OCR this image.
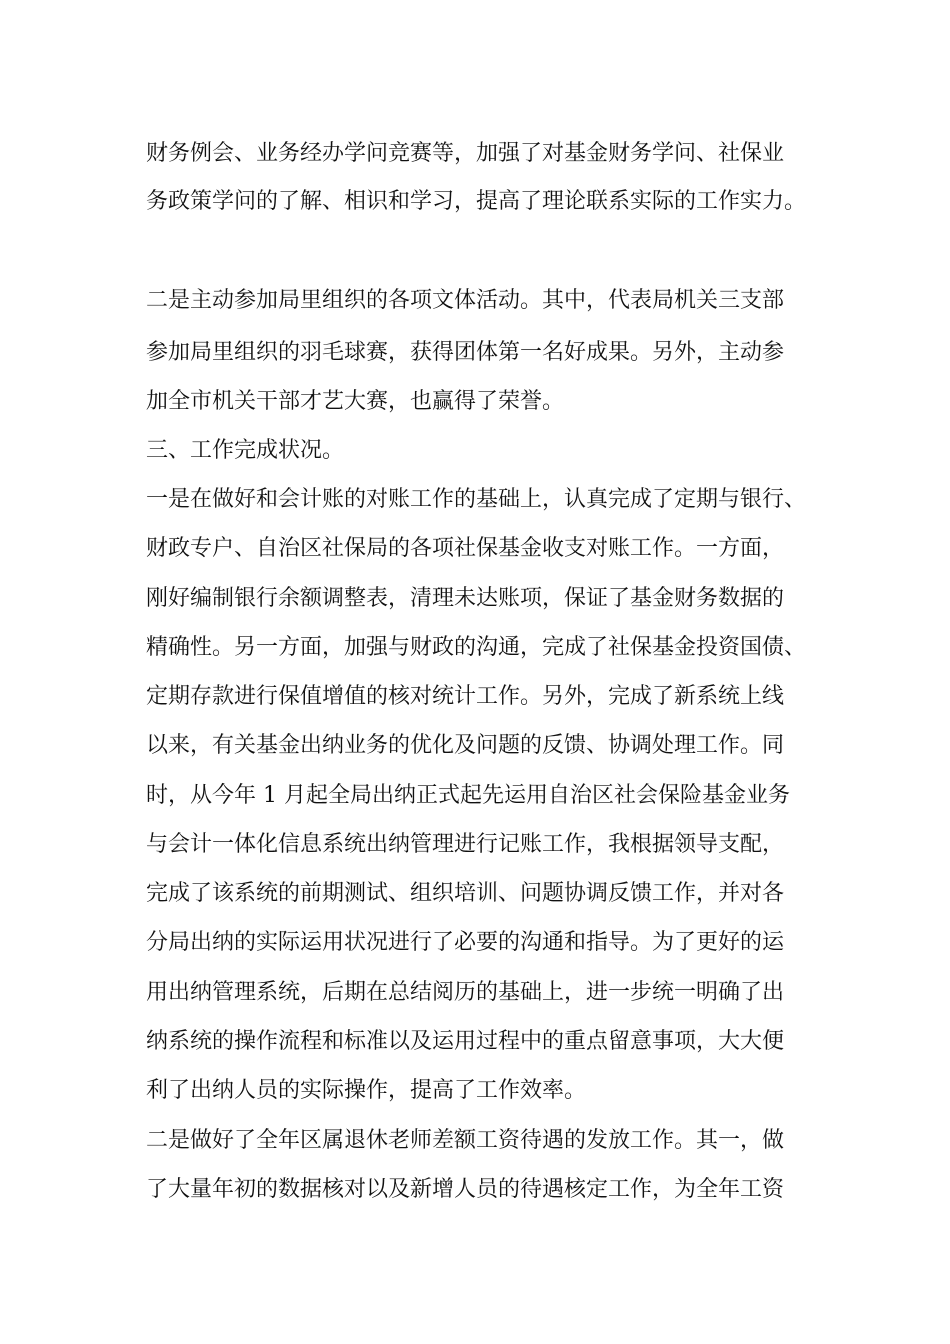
财务例会、业务经办学问竞赛等，加强了对基金财务学问、社保业
务政策学问的了解、相识和学习，提高了理论联系实际的工作实力。
二是主动参加局里组织的各项文体活动。其中，代表局机关三支部
参加局里组织的羽毛球赛，获得团体第一名好成果。另外，主动参
加全市机关干部才艺大赛，也赢得了荣誉。
三、工作完成状况。
一是在做好和会计账的对账工作的基础上，认真完成了定期与银行、
财政专户、自治区社保局的各项社保基金收支对账工作。一方面，
刚好编制银行余额调整表，清理未达账项，保证了基金财务数据的
精确性。另一方面，加强与财政的沟通，完成了社保基金投资国债、
定期存款进行保值增值的核对统计工作。另外，完成了新系统上线
以来，有关基金出纳业务的优化及问题的反馈、协调处理工作。同
时，从今年 1 月起全局出纳正式起先运用自治区社会保险基金业务
与会计一体化信息系统出纳管理进行记账工作，我根据领导支配，
完成了该系统的前期测试、组织培训、问题协调反馈工作，并对各
分局出纳的实际运用状况进行了必要的沟通和指导。为了更好的运
用出纳管理系统，后期在总结阅历的基础上，进一步统一明确了出
纳系统的操作流程和标准以及运用过程中的重点留意事项，大大便
利了出纳人员的实际操作，提高了工作效率。
二是做好了全年区属退休老师差额工资待遇的发放工作。其一，做
了大量年初的数据核对以及新增人员的待遇核定工作，为全年工资
